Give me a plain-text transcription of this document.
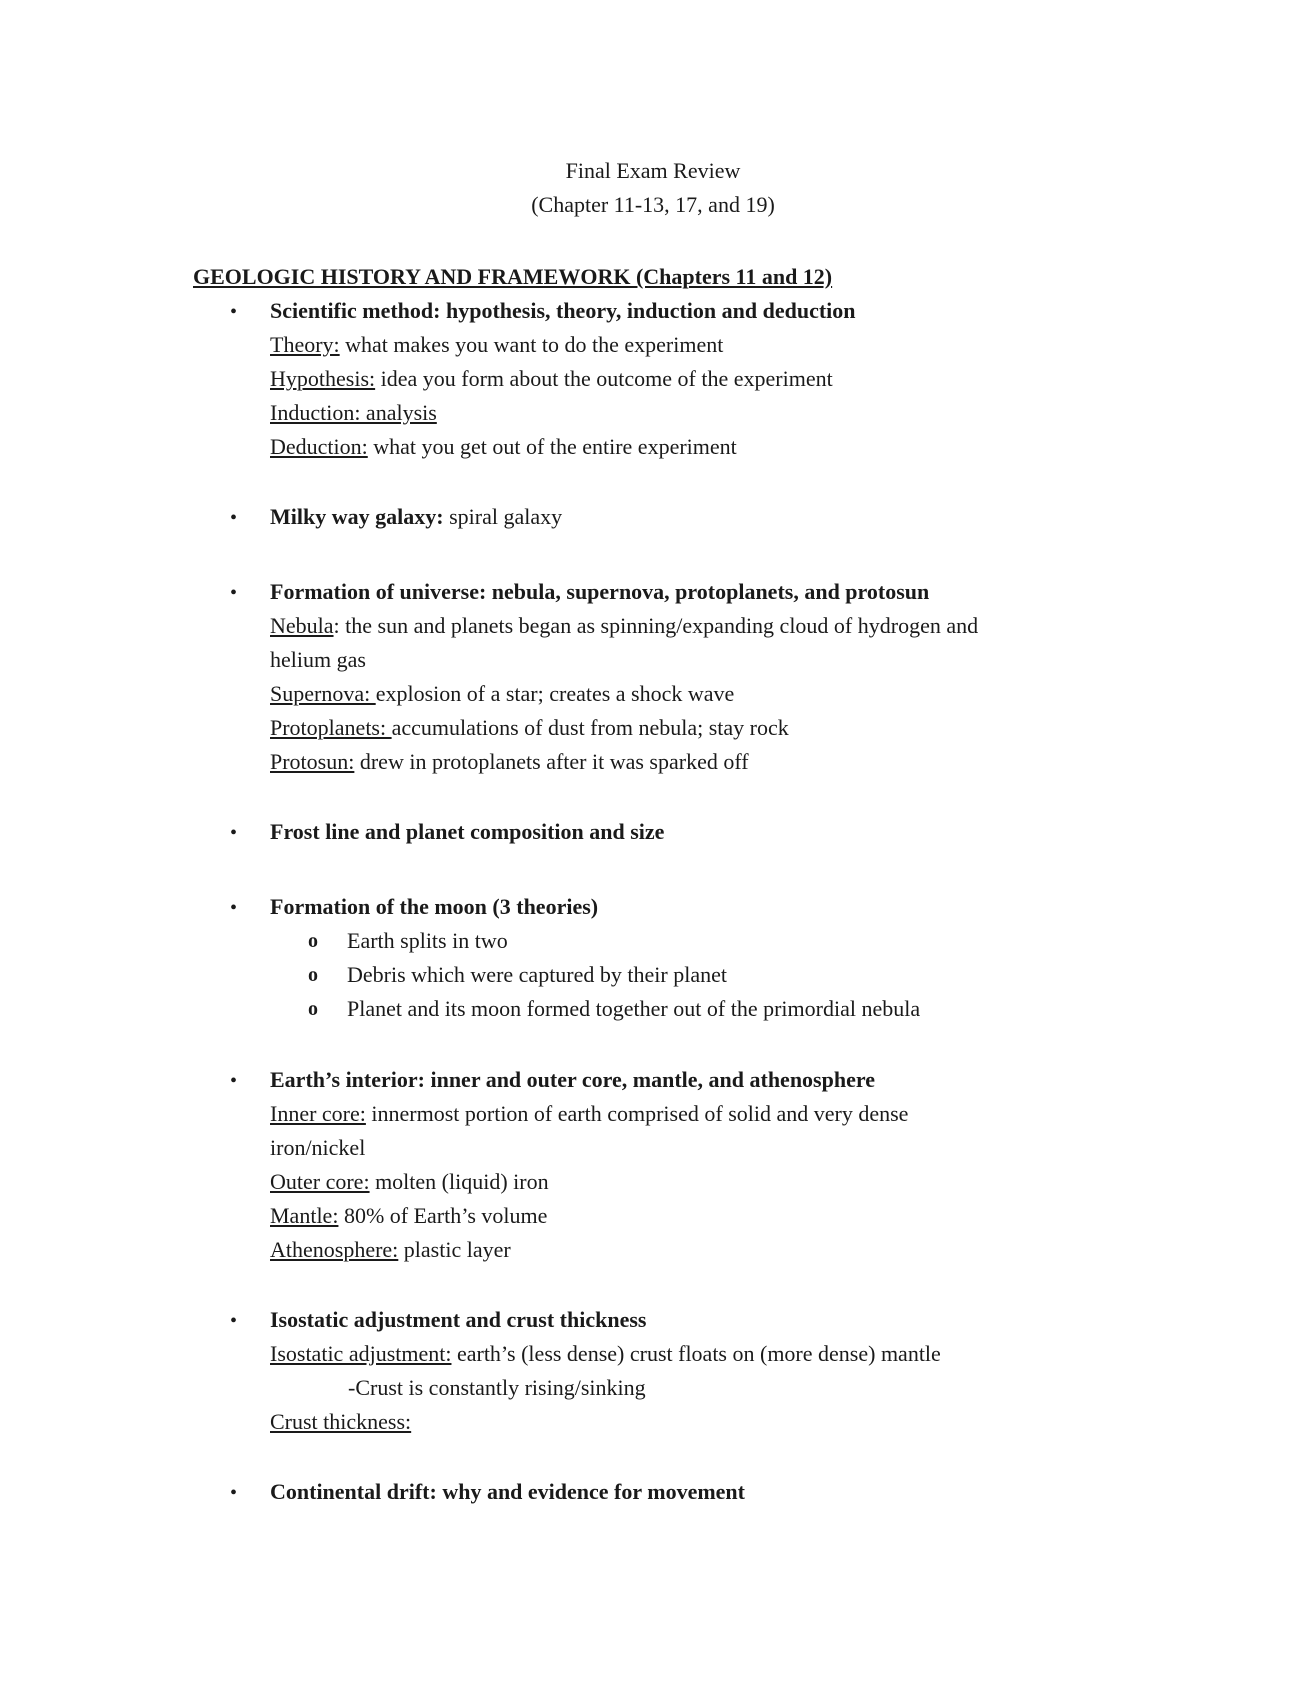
Final Exam Review
(Chapter 11-13, 17, and 19)
GEOLOGIC HISTORY AND FRAMEWORK (Chapters 11 and 12)
• Scientific method: hypothesis, theory, induction and deduction
Theory: what makes you want to do the experiment
Hypothesis: idea you form about the outcome of the experiment
Induction: analysis
Deduction: what you get out of the entire experiment
• Milky way galaxy: spiral galaxy
• Formation of universe: nebula, supernova, protoplanets, and protosun
Nebula: the sun and planets began as spinning/expanding cloud of hydrogen and
helium gas
Supernova: explosion of a star; creates a shock wave
Protoplanets: accumulations of dust from nebula; stay rock
Protosun: drew in protoplanets after it was sparked off
• Frost line and planet composition and size
• Formation of the moon (3 theories)
o Earth splits in two
o Debris which were captured by their planet
o Planet and its moon formed together out of the primordial nebula
• Earth’s interior: inner and outer core, mantle, and athenosphere
Inner core: innermost portion of earth comprised of solid and very dense
iron/nickel
Outer core: molten (liquid) iron
Mantle: 80% of Earth’s volume
Athenosphere: plastic layer
• Isostatic adjustment and crust thickness
Isostatic adjustment: earth’s (less dense) crust floats on (more dense) mantle
-Crust is constantly rising/sinking
Crust thickness:
• Continental drift: why and evidence for movement
